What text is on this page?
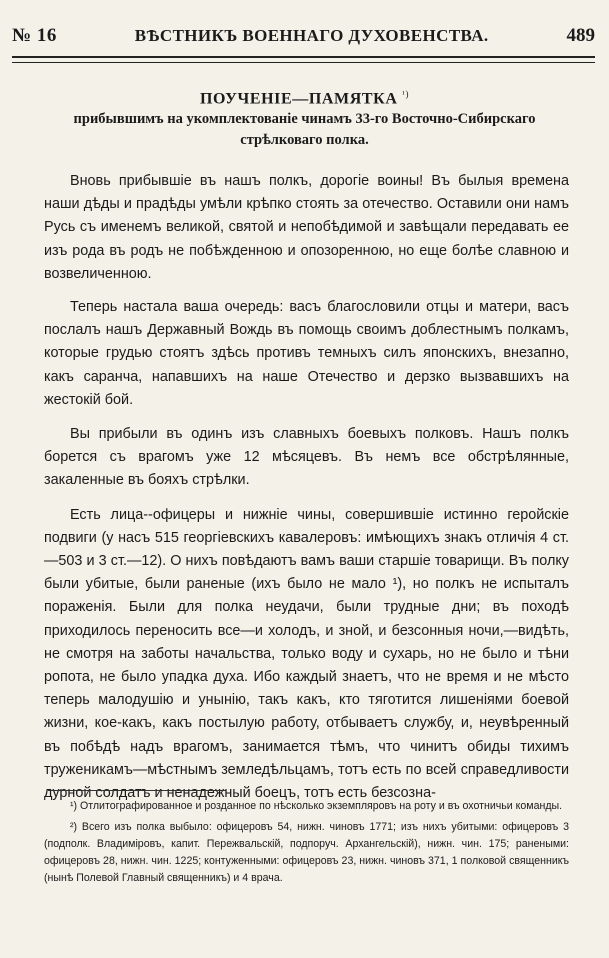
№ 16	ВѢСТНИКЪ ВОЕННАГО ДУХОВЕНСТВА.	489
ПОУЧЕНIЕ—ПАМЯТКА $^{^1)}$
прибывшимъ на укомплектованiе чинамъ 33-го Восточно-Сибирскаго стрѣлковаго полка.

Вновь прибывшiе въ нашъ полкъ, дорогiе воины! Въ былыя времена наши дѣды и прадѣды умѣли крѣпко стоять за отечество. Оставили они намъ Русь съ именемъ великой, святой и непобѣдимой и завѣщали передавать ее изъ рода въ родъ не побѣжденною и опозоренною, но еще болѣе славною и возвеличенною.

Теперь настала ваша очередь: васъ благословили отцы и матери, васъ послалъ нашъ Державный Вождь въ помощь своимъ доблестнымъ полкамъ, которые грудью стоятъ здѣсь противъ темныхъ силъ японскихъ, внезапно, какъ саранча, напавшихъ на наше Отечество и дерзко вызвавшихъ на жестокiй бой.

Вы прибыли въ одинъ изъ славныхъ боевыхъ полковъ. Нашъ полкъ борется съ врагомъ уже 12 мѣсяцевъ. Въ немъ все обстрѣлянные, закаленные въ бояхъ стрѣлки.

Есть лица--офицеры и нижнiе чины, совершившiе истинно геройскiе подвиги (у насъ 515 георгiевскихъ кавалеровъ: имѣющихъ знакъ отличiя 4 ст.—503 и 3 ст.—12). О нихъ повѣдаютъ вамъ ваши старшiе товарищи. Въ полку были убитые, были раненые (ихъ было не мало ¹), но полкъ не испыталъ пораженiя. Были для полка неудачи, были трудные дни; въ походѣ приходилось переносить все—и холодъ, и зной, и безсонныя ночи,—видѣть, не смотря на заботы начальства, только воду и сухарь, но не было и тѣни ропота, не было упадка духа. Ибо каждый знаетъ, что не время и не мѣсто теперь малодушiю и унынiю, такъ какъ, кто тяготится лишенiями боевой жизни, кое-какъ, какъ постылую работу, отбываетъ службу, и, неувѣренный въ побѣдѣ надъ врагомъ, занимается тѣмъ, что чинитъ обиды тихимъ труженикамъ—мѣстнымъ земледѣльцамъ, тотъ есть по всей справедливости дурной солдатъ и ненадежный боецъ, тотъ есть безсозна-

¹) Отлитографированное и розданное по нѣсколько экземпляровъ на роту и въ охотничьи команды.

²) Всего изъ полка выбыло: офицеровъ 54, нижн. чиновъ 1771; изъ нихъ убитыми: офицеровъ 3 (подполк. Владимiровъ, капит. Пережвальскiй, подпоруч. Архангельскiй), нижн. чин. 175; ранеными: офицеровъ 28, нижн. чин. 1225; контуженными: офицеровъ 23, нижн. чиновъ 371, 1 полковой священникъ (нынѣ Полевой Главный священникъ) и 4 врача.
